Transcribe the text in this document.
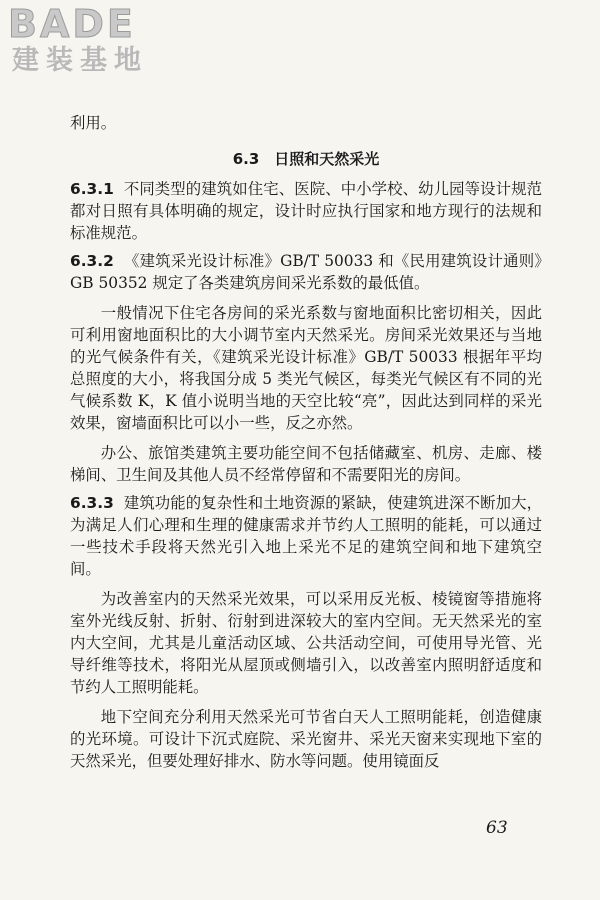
BADE
建装基地

利用。

6.3　日照和天然采光

6.3.1 不同类型的建筑如住宅、医院、中小学校、幼儿园等设计规范都对日照有具体明确的规定，设计时应执行国家和地方现行的法规和标准规范。

6.3.2 《建筑采光设计标准》GB/T 50033 和《民用建筑设计通则》GB 50352 规定了各类建筑房间采光系数的最低值。

一般情况下住宅各房间的采光系数与窗地面积比密切相关，因此可利用窗地面积比的大小调节室内天然采光。房间采光效果还与当地的光气候条件有关，《建筑采光设计标准》GB/T 50033 根据年平均总照度的大小，将我国分成 5 类光气候区，每类光气候区有不同的光气候系数 K，K 值小说明当地的天空比较“亮”，因此达到同样的采光效果，窗墙面积比可以小一些，反之亦然。

办公、旅馆类建筑主要功能空间不包括储藏室、机房、走廊、楼梯间、卫生间及其他人员不经常停留和不需要阳光的房间。

6.3.3 建筑功能的复杂性和土地资源的紧缺，使建筑进深不断加大，为满足人们心理和生理的健康需求并节约人工照明的能耗，可以通过一些技术手段将天然光引入地上采光不足的建筑空间和地下建筑空间。

为改善室内的天然采光效果，可以采用反光板、棱镜窗等措施将室外光线反射、折射、衍射到进深较大的室内空间。无天然采光的室内大空间，尤其是儿童活动区域、公共活动空间，可使用导光管、光导纤维等技术，将阳光从屋顶或侧墙引入，以改善室内照明舒适度和节约人工照明能耗。

地下空间充分利用天然采光可节省白天人工照明能耗，创造健康的光环境。可设计下沉式庭院、采光窗井、采光天窗来实现地下室的天然采光，但要处理好排水、防水等问题。使用镜面反

63
